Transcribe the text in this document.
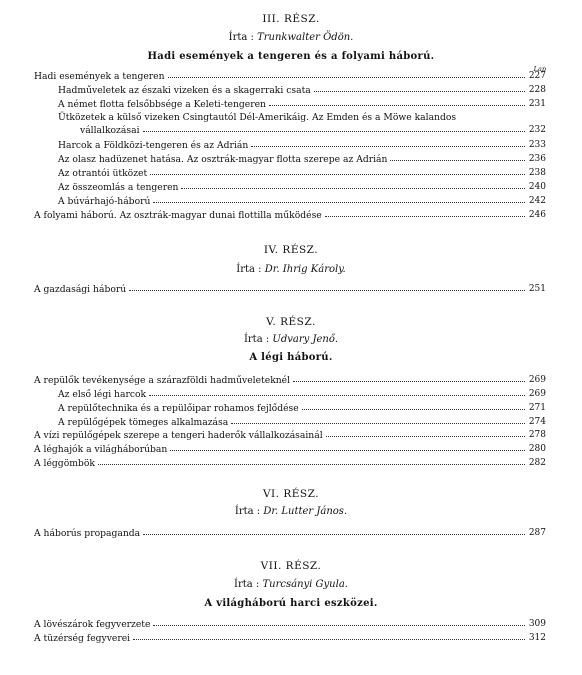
III. RÉSZ.
Írta : Trunkwalter Ödön.
Hadi események a tengeren és a folyami háború.
Lap
Hadi események a tengeren	227
Hadműveletek az északi vizeken és a skagerraki csata	228
A német flotta felsőbbsége a Keleti-tengeren	231
Ütközetek a külső vizeken Csingtautól Dél-Amerikáig. Az Emden és a Möwe kalandos
vállalkozásai	232
Harcok a Földközi-tengeren és az Adrián	233
Az olasz hadüzenet hatása. Az osztrák-magyar flotta szerepe az Adrián	236
Az otrantói ütközet	238
Az összeomlás a tengeren	240
A búvárhajó-háború	242
A folyami háború. Az osztrák-magyar dunai flottilla működése	246
IV. RÉSZ.
Írta : Dr. Ihrig Károly.
A gazdasági háború	251
V. RÉSZ.
Írta : Udvary Jenő.
A légi háború.
A repülők tevékenysége a szárazföldi hadműveleteknél	269
Az első légi harcok	269
A repülőtechnika és a repülőipar rohamos fejlődése	271
A repülőgépek tömeges alkalmazása	274
A vízi repülőgépek szerepe a tengeri haderők vállalkozásainál	278
A léghajók a világháborúban	280
A léggömbök	282
VI. RÉSZ.
Írta : Dr. Lutter János.
A háborús propaganda	287
VII. RÉSZ.
Írta : Turcsányi Gyula.
A világháború harci eszközei.
A lövészárok fegyverzete	309
A tüzérség fegyverei	312
